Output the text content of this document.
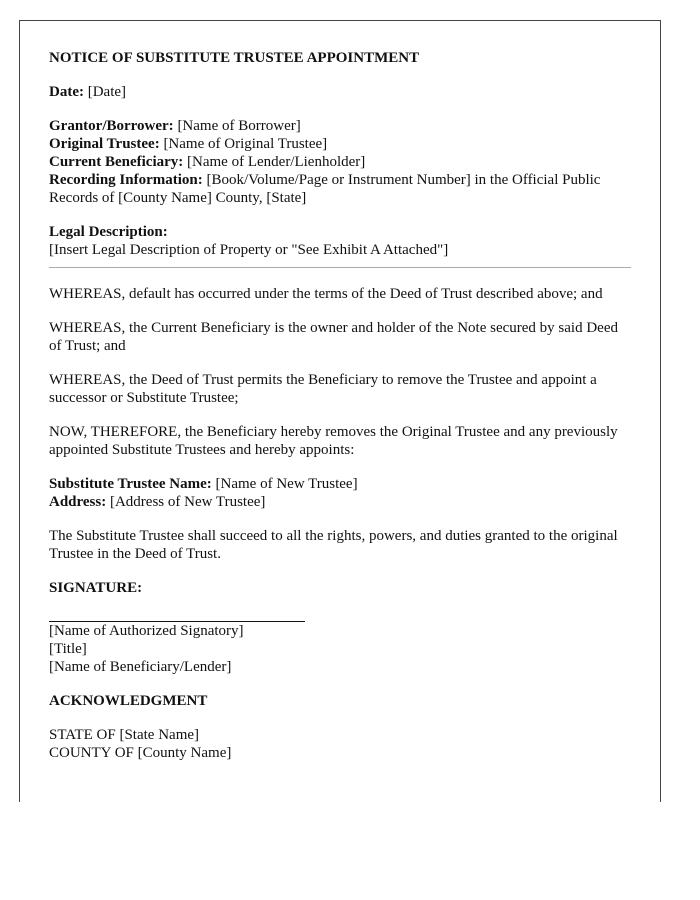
NOTICE OF SUBSTITUTE TRUSTEE APPOINTMENT

Date: [Date]

Grantor/Borrower: [Name of Borrower]

Original Trustee: [Name of Original Trustee]

Current Beneficiary: [Name of Lender/Lienholder]

Recording Information: [Book/Volume/Page or Instrument Number] in the Official Public Records of [County Name] County, [State]

Legal Description:

[Insert Legal Description of Property or "See Exhibit A Attached"]

WHEREAS, default has occurred under the terms of the Deed of Trust described above; and

WHEREAS, the Current Beneficiary is the owner and holder of the Note secured by said Deed of Trust; and

WHEREAS, the Deed of Trust permits the Beneficiary to remove the Trustee and appoint a successor or Substitute Trustee;

NOW, THEREFORE, the Beneficiary hereby removes the Original Trustee and any previously appointed Substitute Trustees and hereby appoints:

Substitute Trustee Name: [Name of New Trustee]

Address: [Address of New Trustee]

The Substitute Trustee shall succeed to all the rights, powers, and duties granted to the original Trustee in the Deed of Trust.

SIGNATURE:

[Name of Authorized Signatory]

[Title]

[Name of Beneficiary/Lender]

ACKNOWLEDGMENT

STATE OF [State Name]

COUNTY OF [County Name]
